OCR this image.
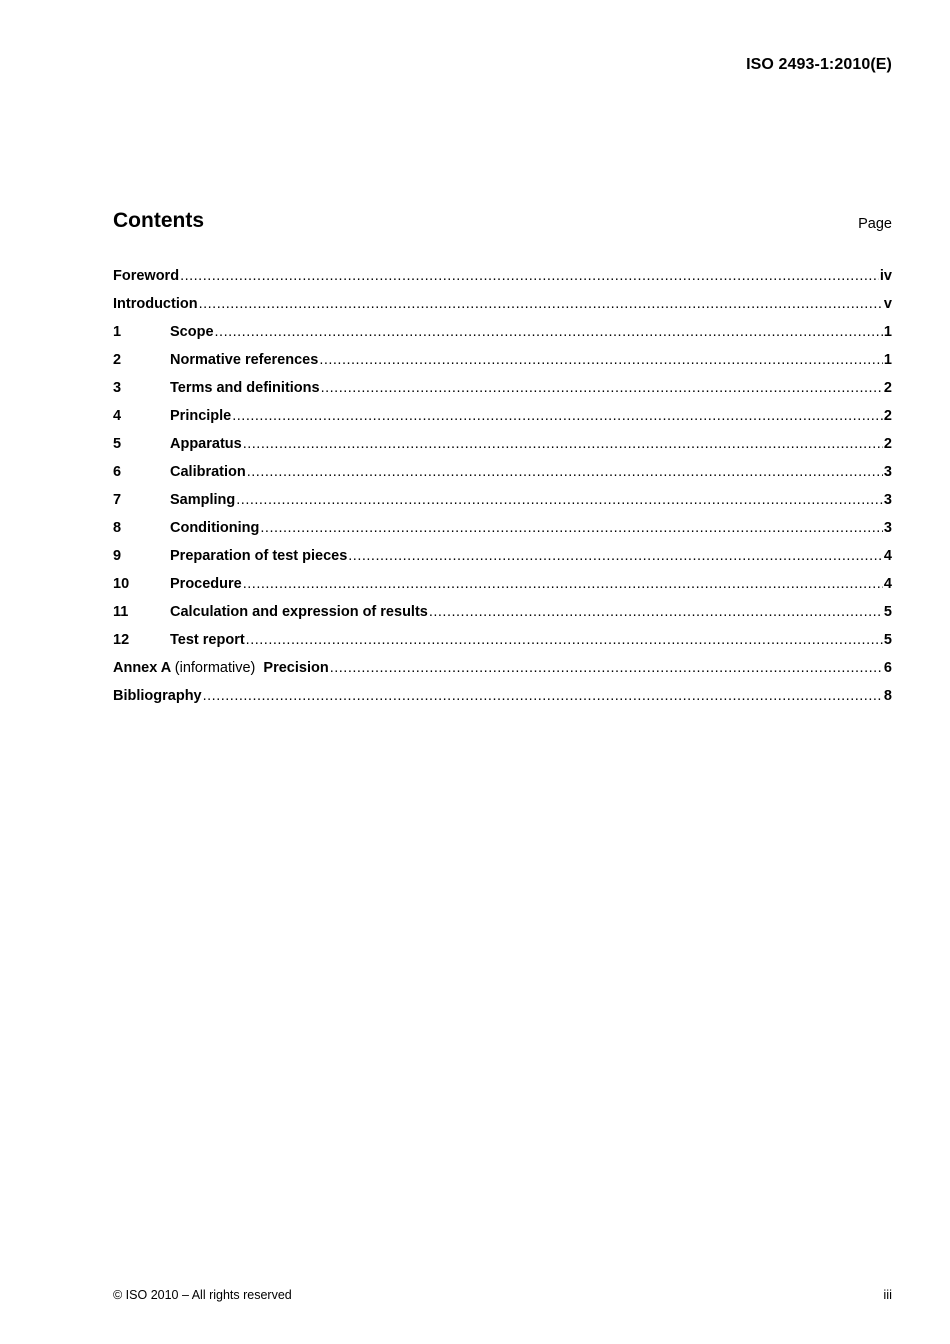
ISO 2493-1:2010(E)
Contents	Page
Foreword .....	iv
Introduction .....	v
1	Scope .....	1
2	Normative references .....	1
3	Terms and definitions .....	2
4	Principle .....	2
5	Apparatus .....	2
6	Calibration .....	3
7	Sampling .....	3
8	Conditioning .....	3
9	Preparation of test pieces .....	4
10	Procedure .....	4
11	Calculation and expression of results .....	5
12	Test report .....	5
Annex A (informative) Precision .....	6
Bibliography .....	8
© ISO 2010 – All rights reserved	iii
